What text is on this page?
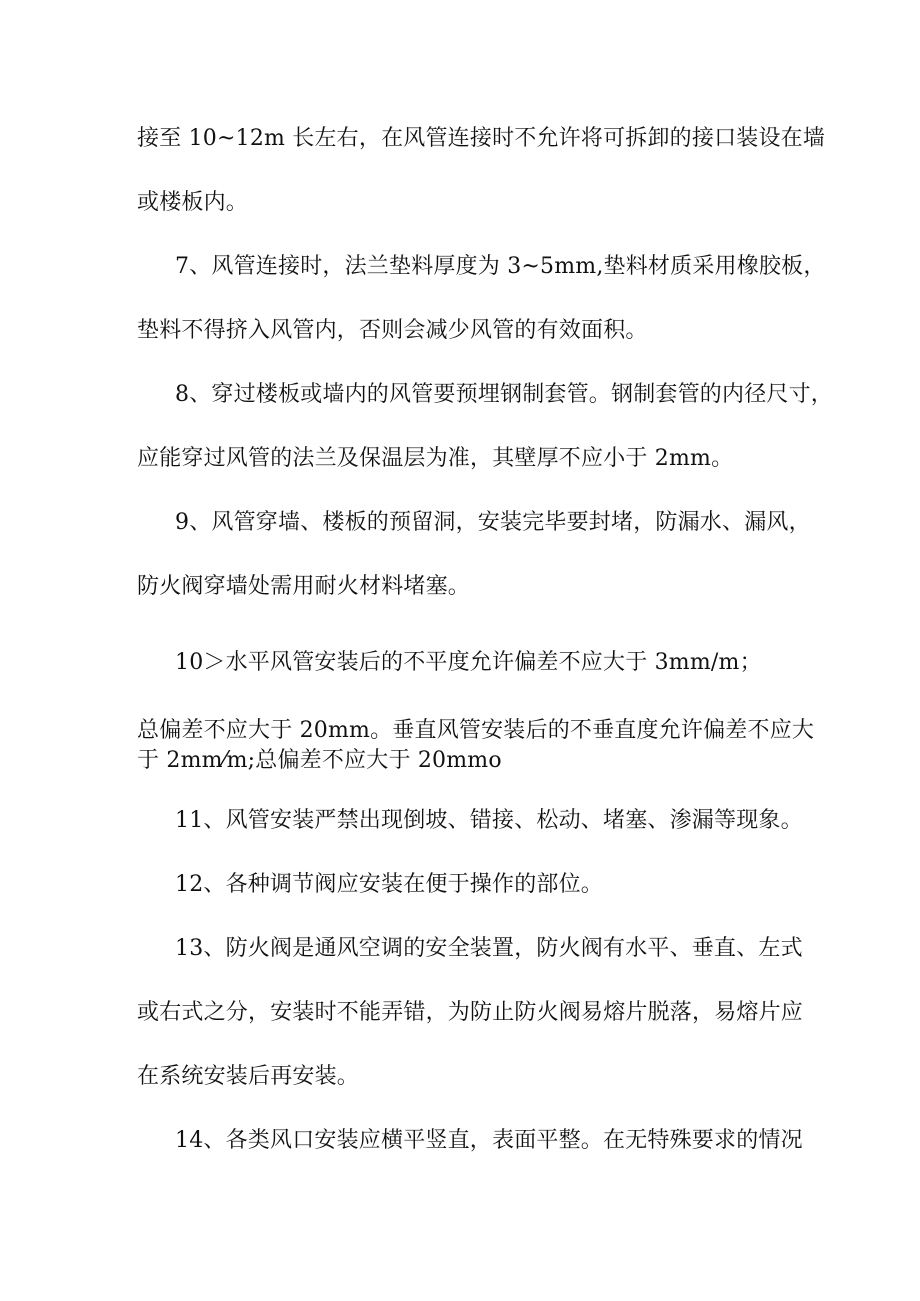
接至 10~12m 长左右，在风管连接时不允许将可拆卸的接口装设在墙
或楼板内。
7、风管连接时，法兰垫料厚度为 3~5mm,垫料材质采用橡胶板，
垫料不得挤入风管内，否则会减少风管的有效面积。
8、穿过楼板或墙内的风管要预埋钢制套管。钢制套管的内径尺寸，
应能穿过风管的法兰及保温层为准，其壁厚不应小于 2mm。
9、风管穿墙、楼板的预留洞，安装完毕要封堵，防漏水、漏风，
防火阀穿墙处需用耐火材料堵塞。
10＞水平风管安装后的不平度允许偏差不应大于 3mm/m；
总偏差不应大于 20mm。垂直风管安装后的不垂直度允许偏差不应大
于 2mm⁄m;总偏差不应大于 20mmo
11、风管安装严禁出现倒坡、错接、松动、堵塞、渗漏等现象。
12、各种调节阀应安装在便于操作的部位。
13、防火阀是通风空调的安全装置，防火阀有水平、垂直、左式
或右式之分，安装时不能弄错，为防止防火阀易熔片脱落，易熔片应
在系统安装后再安装。
14、各类风口安装应横平竖直，表面平整。在无特殊要求的情况
